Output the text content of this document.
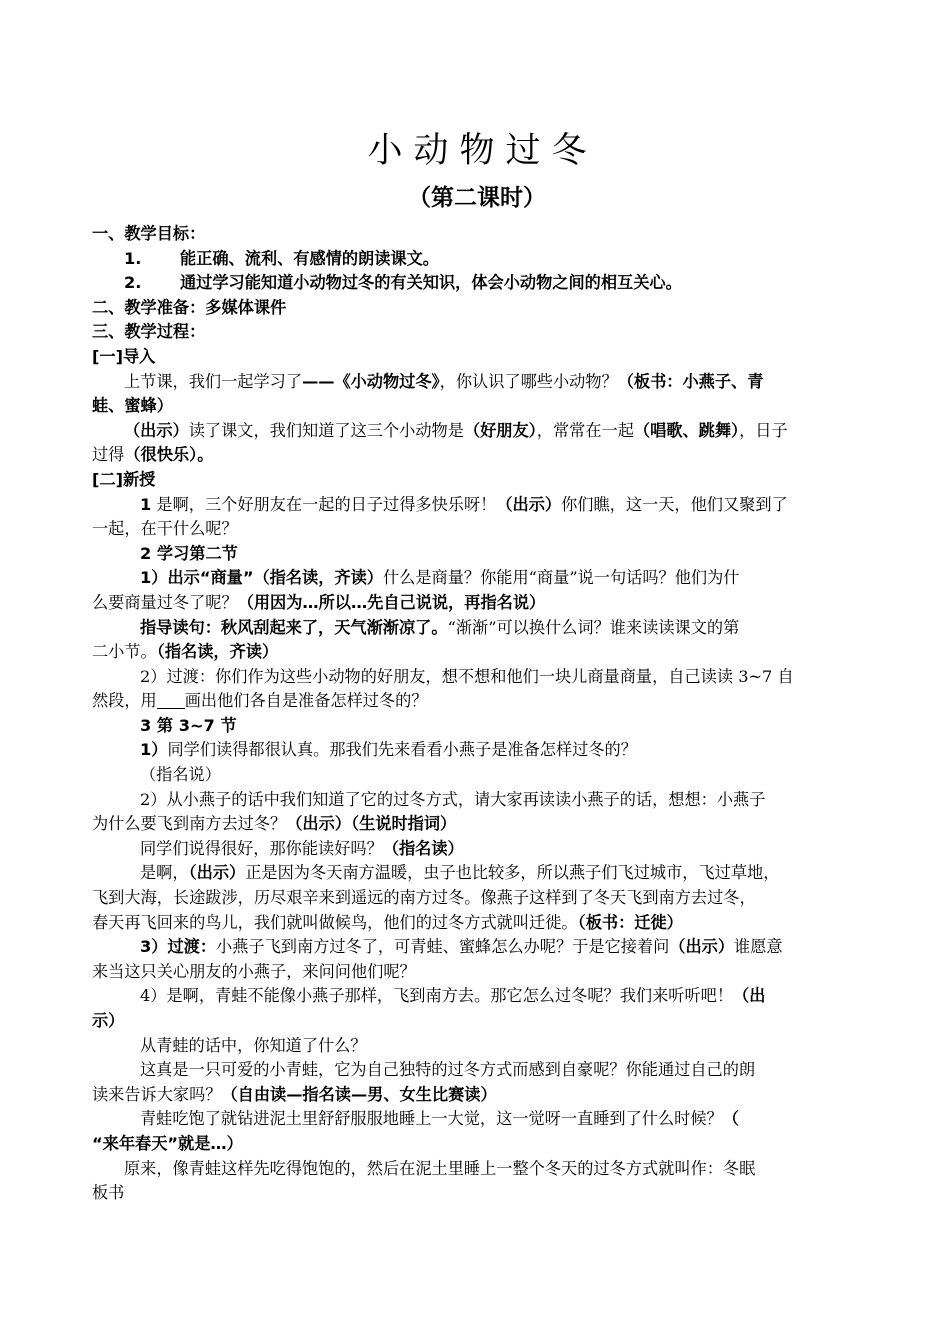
小动物过冬
（第二课时）
一、教学目标：
1. 能正确、流利、有感情的朗读课文。
2. 通过学习能知道小动物过冬的有关知识，体会小动物之间的相互关心。
二、教学准备：多媒体课件
三、教学过程：
[一]导入
上节课，我们一起学习了——《小动物过冬》，你认识了哪些小动物？（板书：小燕子、青
蛙、蜜蜂）
（出示）读了课文，我们知道了这三个小动物是（好朋友），常常在一起（唱歌、跳舞），日子
过得（很快乐）。
[二]新授
1 是啊，三个好朋友在一起的日子过得多快乐呀！（出示）你们瞧，这一天，他们又聚到了
一起，在干什么呢？
2 学习第二节
1）出示“商量”（指名读，齐读）什么是商量？你能用“商量”说一句话吗？他们为什
么要商量过冬了呢？（用因为…所以…先自己说说，再指名说）
指导读句：秋风刮起来了，天气渐渐凉了。“渐渐”可以换什么词？谁来读读课文的第
二小节。（指名读，齐读）
2）过渡：你们作为这些小动物的好朋友，想不想和他们一块儿商量商量，自己读读 3~7 自
然段，用 画出他们各自是准备怎样过冬的？
3 第 3~7 节
1）同学们读得都很认真。那我们先来看看小燕子是准备怎样过冬的？
（指名说）
2）从小燕子的话中我们知道了它的过冬方式，请大家再读读小燕子的话，想想：小燕子
为什么要飞到南方去过冬？（出示）（生说时指词）
同学们说得很好，那你能读好吗？（指名读）
是啊，（出示）正是因为冬天南方温暖，虫子也比较多，所以燕子们飞过城市，飞过草地，
飞到大海，长途跋涉，历尽艰辛来到遥远的南方过冬。像燕子这样到了冬天飞到南方去过冬，
春天再飞回来的鸟儿，我们就叫做候鸟，他们的过冬方式就叫迁徙。（板书：迁徙）
3）过渡：小燕子飞到南方过冬了，可青蛙、蜜蜂怎么办呢？于是它接着问（出示）谁愿意
来当这只关心朋友的小燕子，来问问他们呢？
4）是啊，青蛙不能像小燕子那样，飞到南方去。那它怎么过冬呢？我们来听听吧！（出
示）
从青蛙的话中，你知道了什么？
这真是一只可爱的小青蛙，它为自己独特的过冬方式而感到自豪呢？你能通过自己的朗
读来告诉大家吗？（自由读—指名读—男、女生比赛读）
青蛙吃饱了就钻进泥土里舒舒服服地睡上一大觉，这一觉呀一直睡到了什么时候？（
“来年春天”就是…）
原来，像青蛙这样先吃得饱饱的，然后在泥土里睡上一整个冬天的过冬方式就叫作：冬眠
板书
